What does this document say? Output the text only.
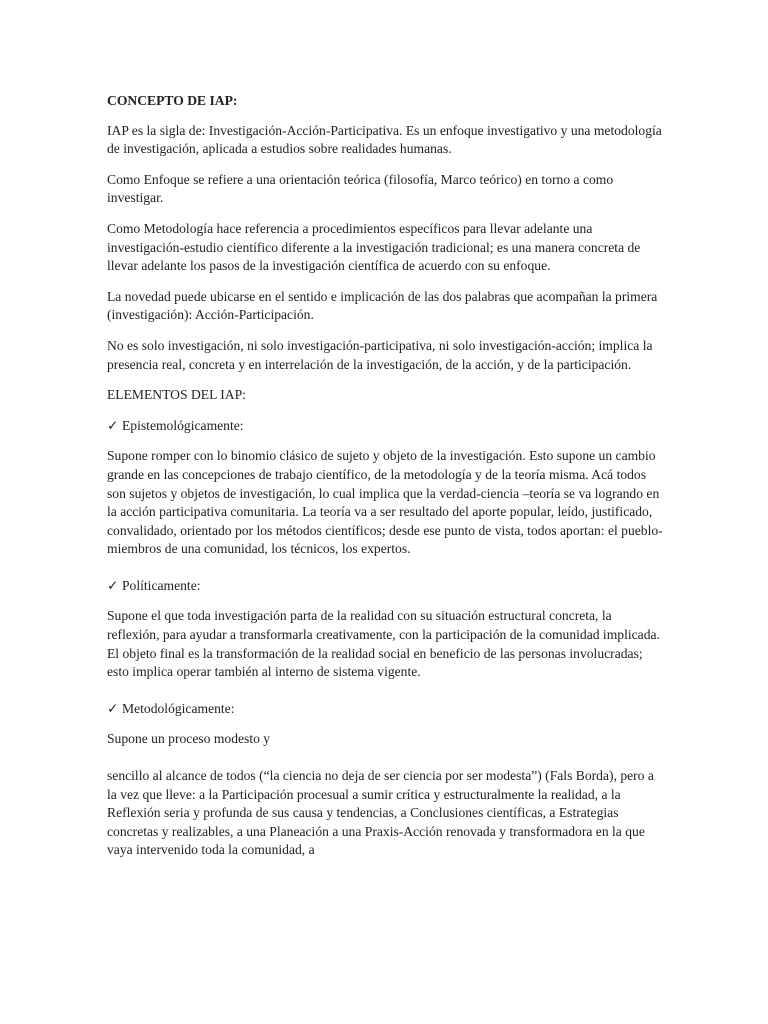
CONCEPTO DE IAP:

IAP es la sigla de: Investigación-Acción-Participativa. Es un enfoque investigativo y una metodología de investigación, aplicada a estudios sobre realidades humanas.

Como Enfoque se refiere a una orientación teórica (filosofía, Marco teórico) en torno a como investigar.

Como Metodología hace referencia a procedimientos específicos para llevar adelante una investigación-estudio científico diferente a la investigación tradicional; es una manera concreta de llevar adelante los pasos de la investigación científica de acuerdo con su enfoque.

La novedad puede ubicarse en el sentido e implicación de las dos palabras que acompañan la primera (investigación): Acción-Participación.

No es solo investigación, ni solo investigación-participativa, ni solo investigación-acción; implica la presencia real, concreta y en interrelación de la investigación, de la acción, y de la participación.

ELEMENTOS DEL IAP:

✓ Epistemológicamente:

Supone romper con lo binomio clásico de sujeto y objeto de la investigación. Esto supone un cambio grande en las concepciones de trabajo científico, de la metodología y de la teoría misma. Acá todos son sujetos y objetos de investigación, lo cual implica que la verdad-ciencia –teoría se va logrando en la acción participativa comunitaria. La teoría va a ser resultado del aporte popular, leído, justificado, convalidado, orientado por los métodos científicos; desde ese punto de vista, todos aportan: el pueblo-miembros de una comunidad, los técnicos, los expertos.

✓ Políticamente:

Supone el que toda investigación parta de la realidad con su situación estructural concreta, la reflexión, para ayudar a transformarla creativamente, con la participación de la comunidad implicada. El objeto final es la transformación de la realidad social en beneficio de las personas involucradas; esto implica operar también al interno de sistema vigente.

✓ Metodológicamente:

Supone un proceso modesto y

sencillo al alcance de todos (“la ciencia no deja de ser ciencia por ser modesta”) (Fals Borda), pero a la vez que lleve: a la Participación procesual a sumir crítica y estructuralmente la realidad, a la Reflexión seria y profunda de sus causa y tendencias, a Conclusiones científicas, a Estrategias concretas y realizables, a una Planeación a una Praxis-Acción renovada y transformadora en la que vaya intervenido toda la comunidad, a
